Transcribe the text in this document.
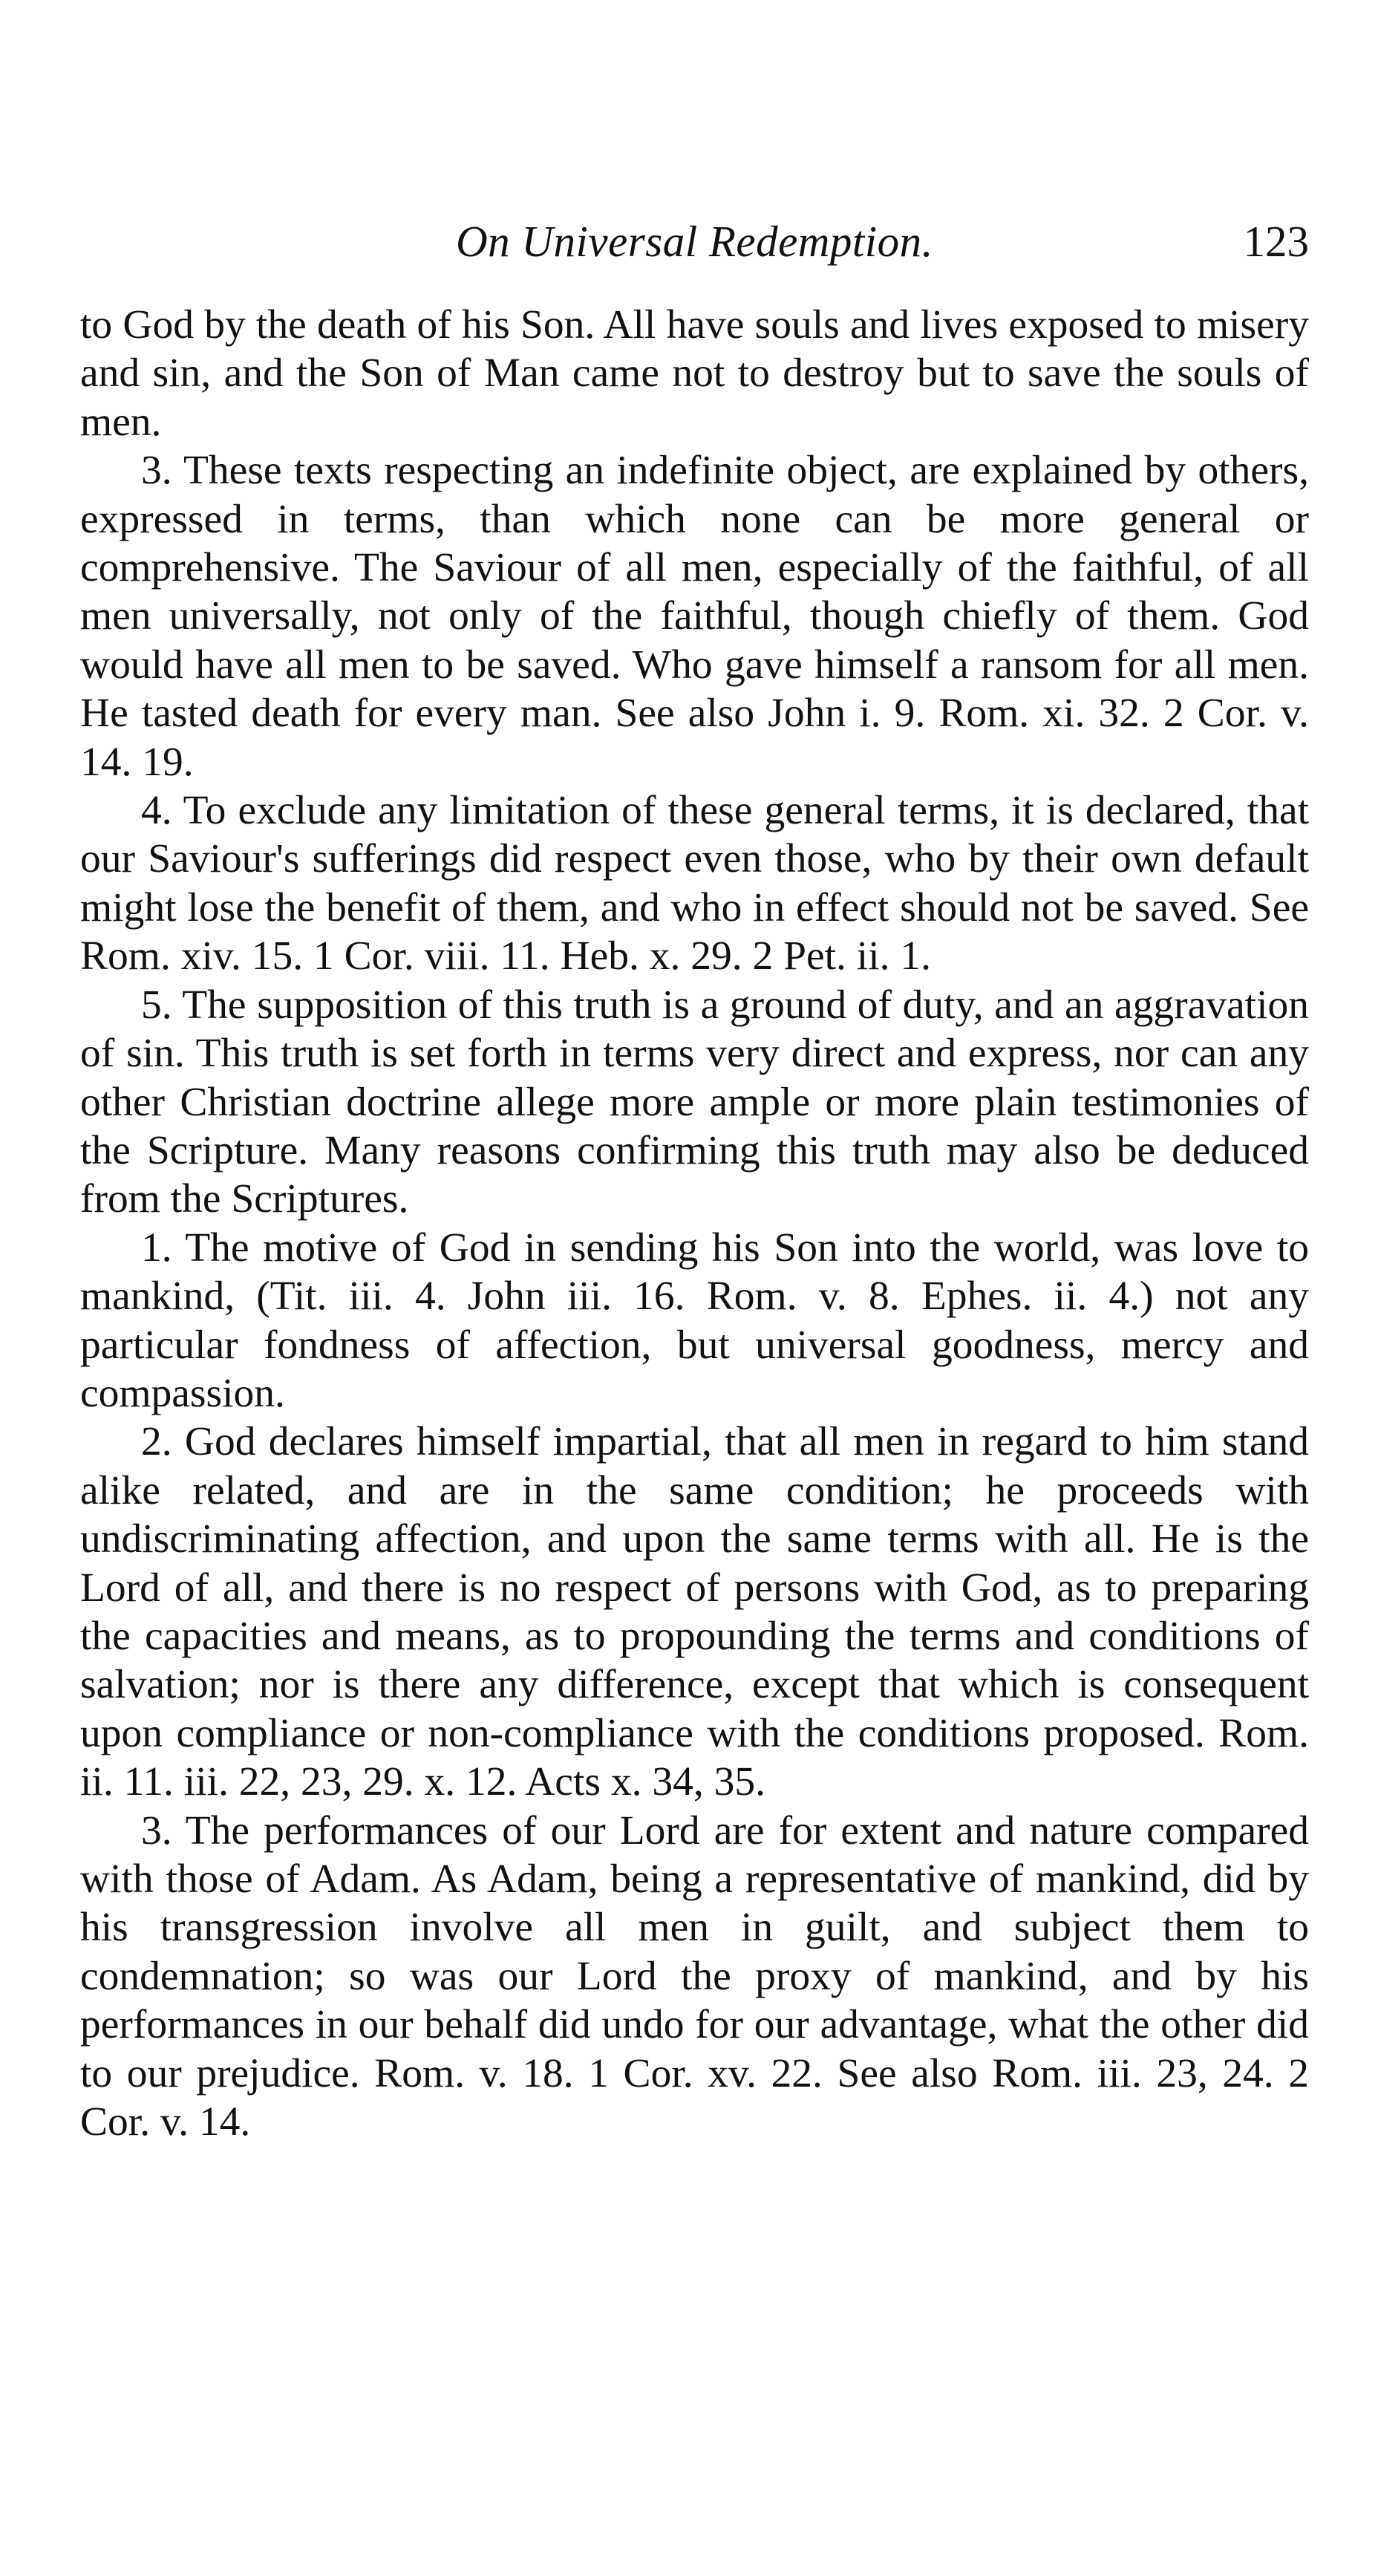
On Universal Redemption.	123

to God by the death of his Son. All have souls and lives exposed to misery and sin, and the Son of Man came not to destroy but to save the souls of men.

3. These texts respecting an indefinite object, are explained by others, expressed in terms, than which none can be more general or comprehensive. The Saviour of all men, especially of the faithful, of all men universally, not only of the faithful, though chiefly of them. God would have all men to be saved. Who gave himself a ransom for all men. He tasted death for every man. See also John i. 9. Rom. xi. 32. 2 Cor. v. 14. 19.

4. To exclude any limitation of these general terms, it is declared, that our Saviour's sufferings did respect even those, who by their own default might lose the benefit of them, and who in effect should not be saved. See Rom. xiv. 15. 1 Cor. viii. 11. Heb. x. 29. 2 Pet. ii. 1.

5. The supposition of this truth is a ground of duty, and an aggravation of sin. This truth is set forth in terms very direct and express, nor can any other Christian doctrine allege more ample or more plain testimonies of the Scripture. Many reasons confirming this truth may also be deduced from the Scriptures.

1. The motive of God in sending his Son into the world, was love to mankind, (Tit. iii. 4. John iii. 16. Rom. v. 8. Ephes. ii. 4.) not any particular fondness of affection, but universal goodness, mercy and compassion.

2. God declares himself impartial, that all men in regard to him stand alike related, and are in the same condition; he proceeds with undiscriminating affection, and upon the same terms with all. He is the Lord of all, and there is no respect of persons with God, as to preparing the capacities and means, as to propounding the terms and conditions of salvation; nor is there any difference, except that which is consequent upon compliance or non-compliance with the conditions proposed. Rom. ii. 11. iii. 22, 23, 29. x. 12. Acts x. 34, 35.

3. The performances of our Lord are for extent and nature compared with those of Adam. As Adam, being a representative of mankind, did by his transgression involve all men in guilt, and subject them to condemnation; so was our Lord the proxy of mankind, and by his performances in our behalf did undo for our advantage, what the other did to our prejudice. Rom. v. 18. 1 Cor. xv. 22. See also Rom. iii. 23, 24. 2 Cor. v. 14.
